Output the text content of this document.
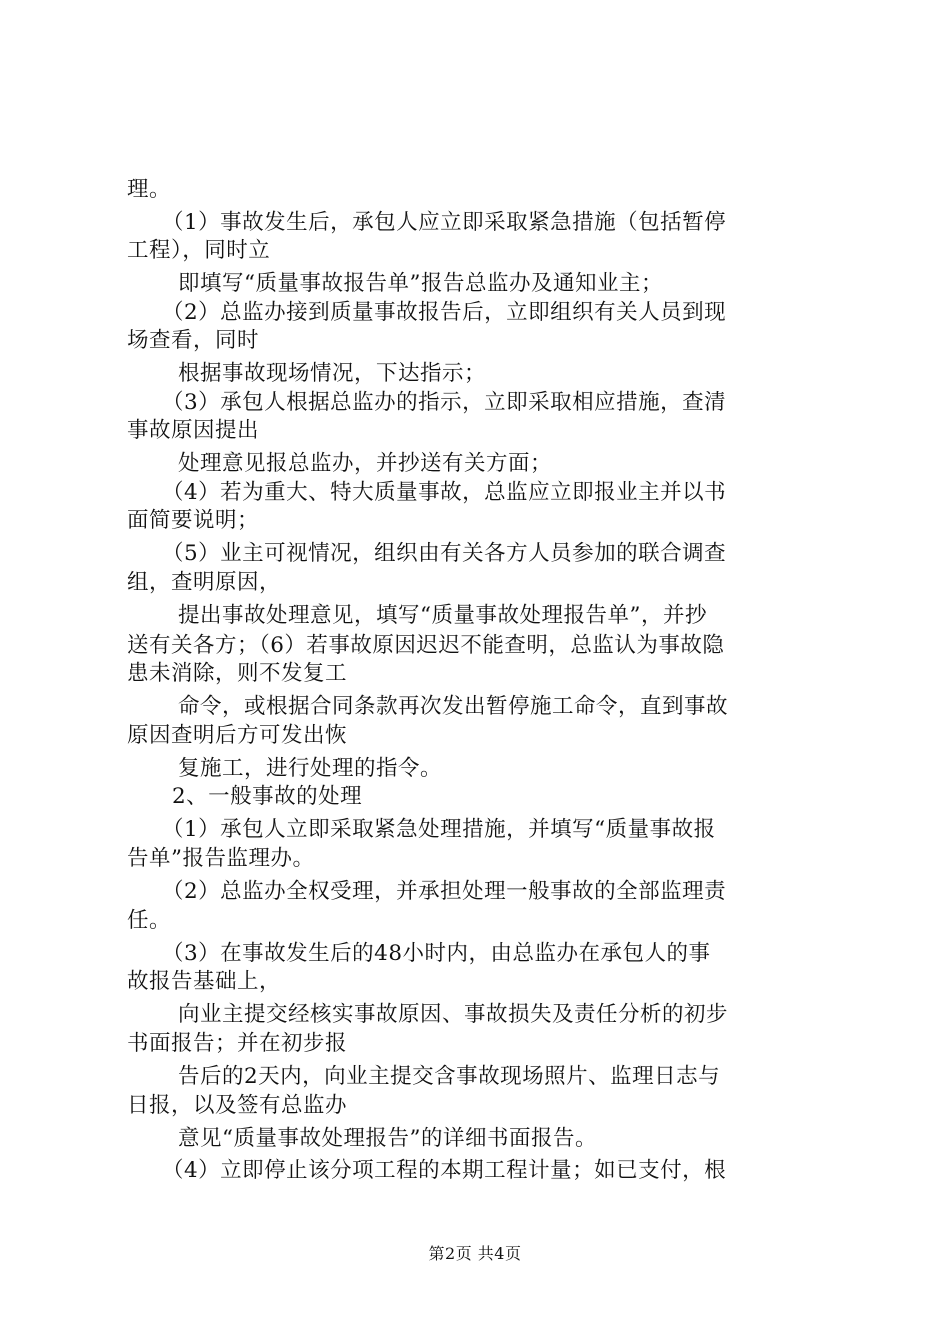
理。
（1）事故发生后，承包人应立即采取紧急措施（包括暂停
工程），同时立
即填写“质量事故报告单”报告总监办及通知业主；
（2）总监办接到质量事故报告后，立即组织有关人员到现
场查看，同时
根据事故现场情况，下达指示；
（3）承包人根据总监办的指示，立即采取相应措施，查清
事故原因提出
处理意见报总监办，并抄送有关方面；
（4）若为重大、特大质量事故，总监应立即报业主并以书
面简要说明；
（5）业主可视情况，组织由有关各方人员参加的联合调查
组，查明原因，
提出事故处理意见，填写“质量事故处理报告单”，并抄
送有关各方；（6）若事故原因迟迟不能查明，总监认为事故隐
患未消除，则不发复工
命令，或根据合同条款再次发出暂停施工命令，直到事故
原因查明后方可发出恢
复施工，进行处理的指令。
2、一般事故的处理
（1）承包人立即采取紧急处理措施，并填写“质量事故报
告单”报告监理办。
（2）总监办全权受理，并承担处理一般事故的全部监理责
任。
（3）在事故发生后的48小时内，由总监办在承包人的事
故报告基础上，
向业主提交经核实事故原因、事故损失及责任分析的初步
书面报告；并在初步报
告后的2天内，向业主提交含事故现场照片、监理日志与
日报，以及签有总监办
意见“质量事故处理报告”的详细书面报告。
（4）立即停止该分项工程的本期工程计量；如已支付，根
第2页 共4页
